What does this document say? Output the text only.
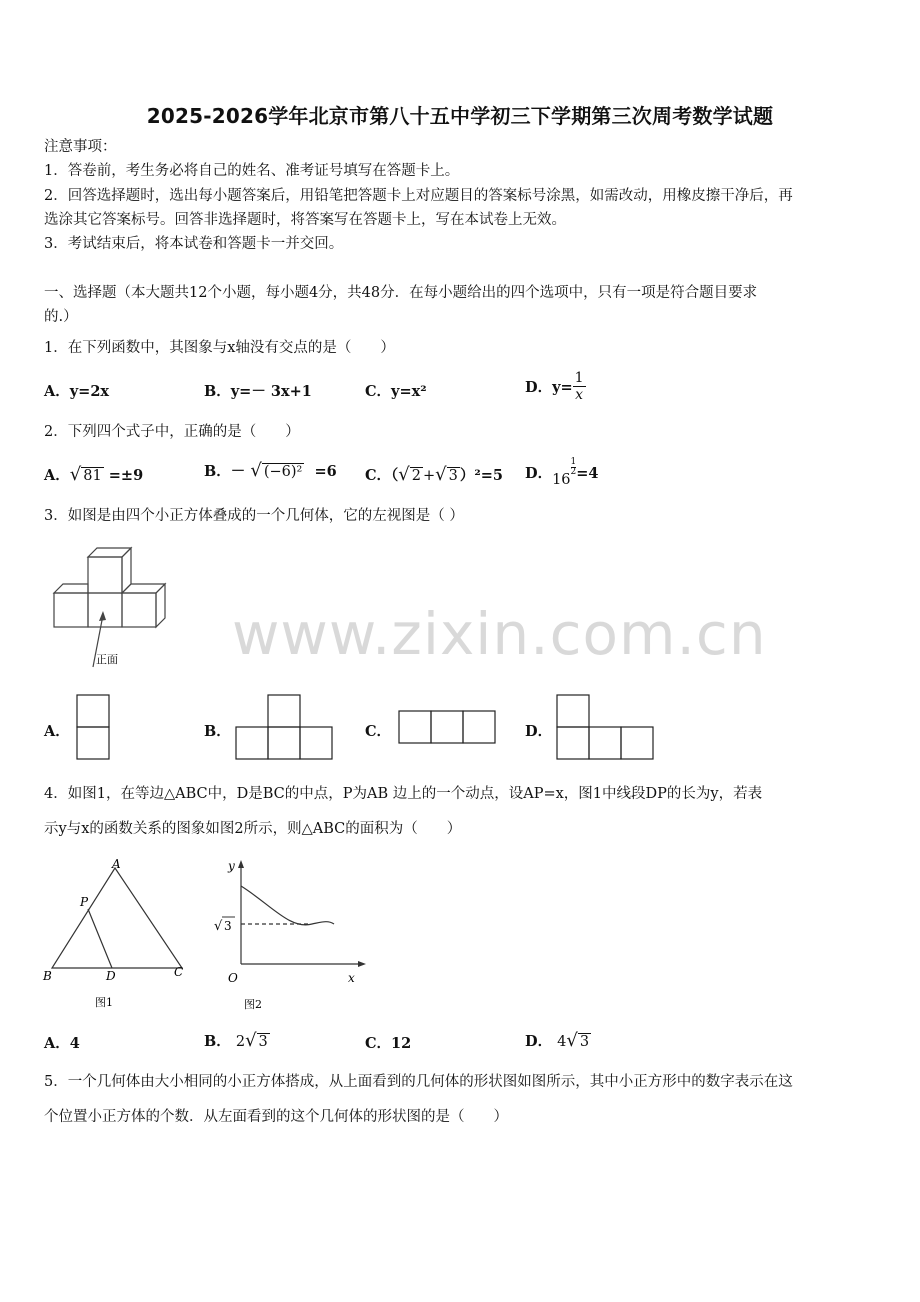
2025-2026学年北京市第八十五中学初三下学期第三次周考数学试题
注意事项：
1．答卷前，考生务必将自己的姓名、准考证号填写在答题卡上。
2．回答选择题时，选出每小题答案后，用铅笔把答题卡上对应题目的答案标号涂黑，如需改动，用橡皮擦干净后，再
选涂其它答案标号。回答非选择题时，将答案写在答题卡上，写在本试卷上无效。
3．考试结束后，将本试卷和答题卡一并交回。
一、选择题（本大题共12个小题，每小题4分，共48分．在每小题给出的四个选项中，只有一项是符合题目要求
的.）
1．在下列函数中，其图象与x轴没有交点的是（　　）
A．y=2x	B．y=－ 3x+1	C．y=x²	D．$y= \frac{1}{x}$
2．下列四个式子中，正确的是（　　）
A．√ 81 =±9	B．－ √ (−6)² =6 C．（√ 2 +√ 3 ）²=5 D．16
$\frac{1}{2} =4$
3．如图是由四个小正方体叠成的一个几何体，它的左视图是（ ）
正面
A．	B．	C．	D．
4．如图1，在等边△ABC中，D是BC的中点，P为AB 边上的一个动点，设AP=x，图1中线段DP的长为y，若表
示y与x的函数关系的图象如图2所示，则△ABC的面积为（　　）
A
P
B	D	C
图1
y
x
O
√ 3
图2
A．4	B． 2√ 3	C．12	D． 4√ 3
5．一个几何体由大小相同的小正方体搭成，从上面看到的几何体的形状图如图所示，其中小正方形中的数字表示在这
个位置小正方体的个数．从左面看到的这个几何体的形状图的是（　　）
www.zixin.com.cn
